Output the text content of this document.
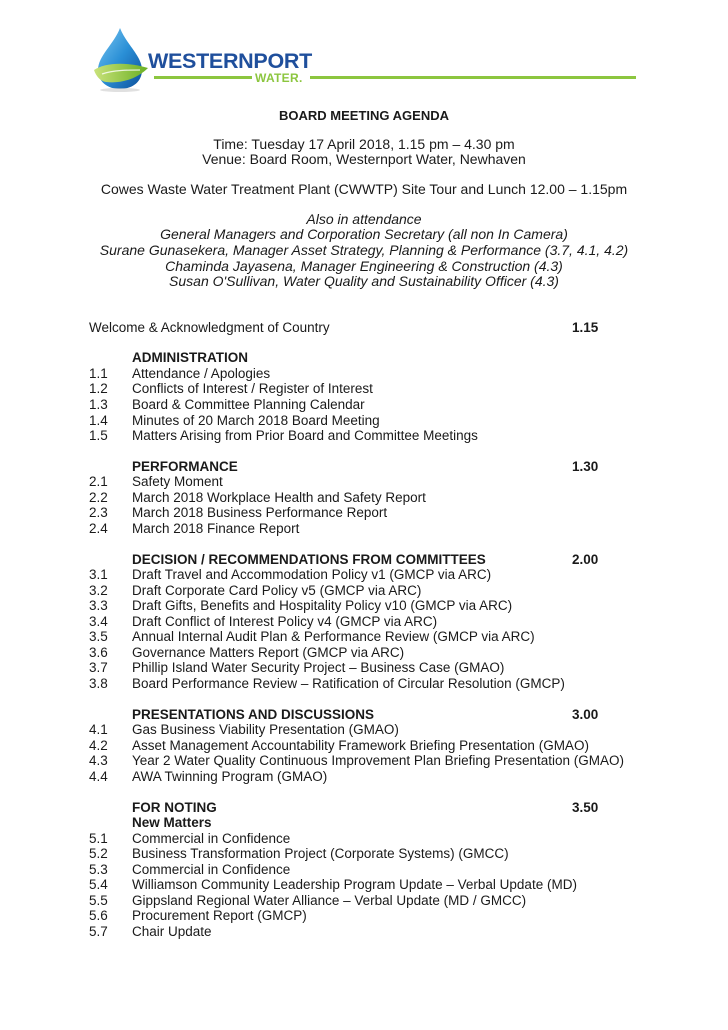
WESTERNPORT
WATER.
BOARD MEETING AGENDA
Time: Tuesday 17 April 2018, 1.15 pm – 4.30 pm
Venue: Board Room, Westernport Water, Newhaven
Cowes Waste Water Treatment Plant (CWWTP) Site Tour and Lunch 12.00 – 1.15pm
Also in attendance
General Managers and Corporation Secretary (all non In Camera)
Surane Gunasekera, Manager Asset Strategy, Planning & Performance (3.7, 4.1, 4.2)
Chaminda Jayasena, Manager Engineering & Construction (4.3)
Susan O'Sullivan, Water Quality and Sustainability Officer (4.3)
Welcome & Acknowledgment of Country	1.15
ADMINISTRATION
1.1 Attendance / Apologies
1.2 Conflicts of Interest / Register of Interest
1.3 Board & Committee Planning Calendar
1.4 Minutes of 20 March 2018 Board Meeting
1.5 Matters Arising from Prior Board and Committee Meetings
PERFORMANCE	1.30
2.1 Safety Moment
2.2 March 2018 Workplace Health and Safety Report
2.3 March 2018 Business Performance Report
2.4 March 2018 Finance Report
DECISION / RECOMMENDATIONS FROM COMMITTEES	2.00
3.1 Draft Travel and Accommodation Policy v1 (GMCP via ARC)
3.2 Draft Corporate Card Policy v5 (GMCP via ARC)
3.3 Draft Gifts, Benefits and Hospitality Policy v10 (GMCP via ARC)
3.4 Draft Conflict of Interest Policy v4 (GMCP via ARC)
3.5 Annual Internal Audit Plan & Performance Review (GMCP via ARC)
3.6 Governance Matters Report (GMCP via ARC)
3.7 Phillip Island Water Security Project – Business Case (GMAO)
3.8 Board Performance Review – Ratification of Circular Resolution (GMCP)
PRESENTATIONS AND DISCUSSIONS	3.00
4.1 Gas Business Viability Presentation (GMAO)
4.2 Asset Management Accountability Framework Briefing Presentation (GMAO)
4.3 Year 2 Water Quality Continuous Improvement Plan Briefing Presentation (GMAO)
4.4 AWA Twinning Program (GMAO)
FOR NOTING	3.50
New Matters
5.1 Commercial in Confidence
5.2 Business Transformation Project (Corporate Systems) (GMCC)
5.3 Commercial in Confidence
5.4 Williamson Community Leadership Program Update – Verbal Update (MD)
5.5 Gippsland Regional Water Alliance – Verbal Update (MD / GMCC)
5.6 Procurement Report (GMCP)
5.7 Chair Update
